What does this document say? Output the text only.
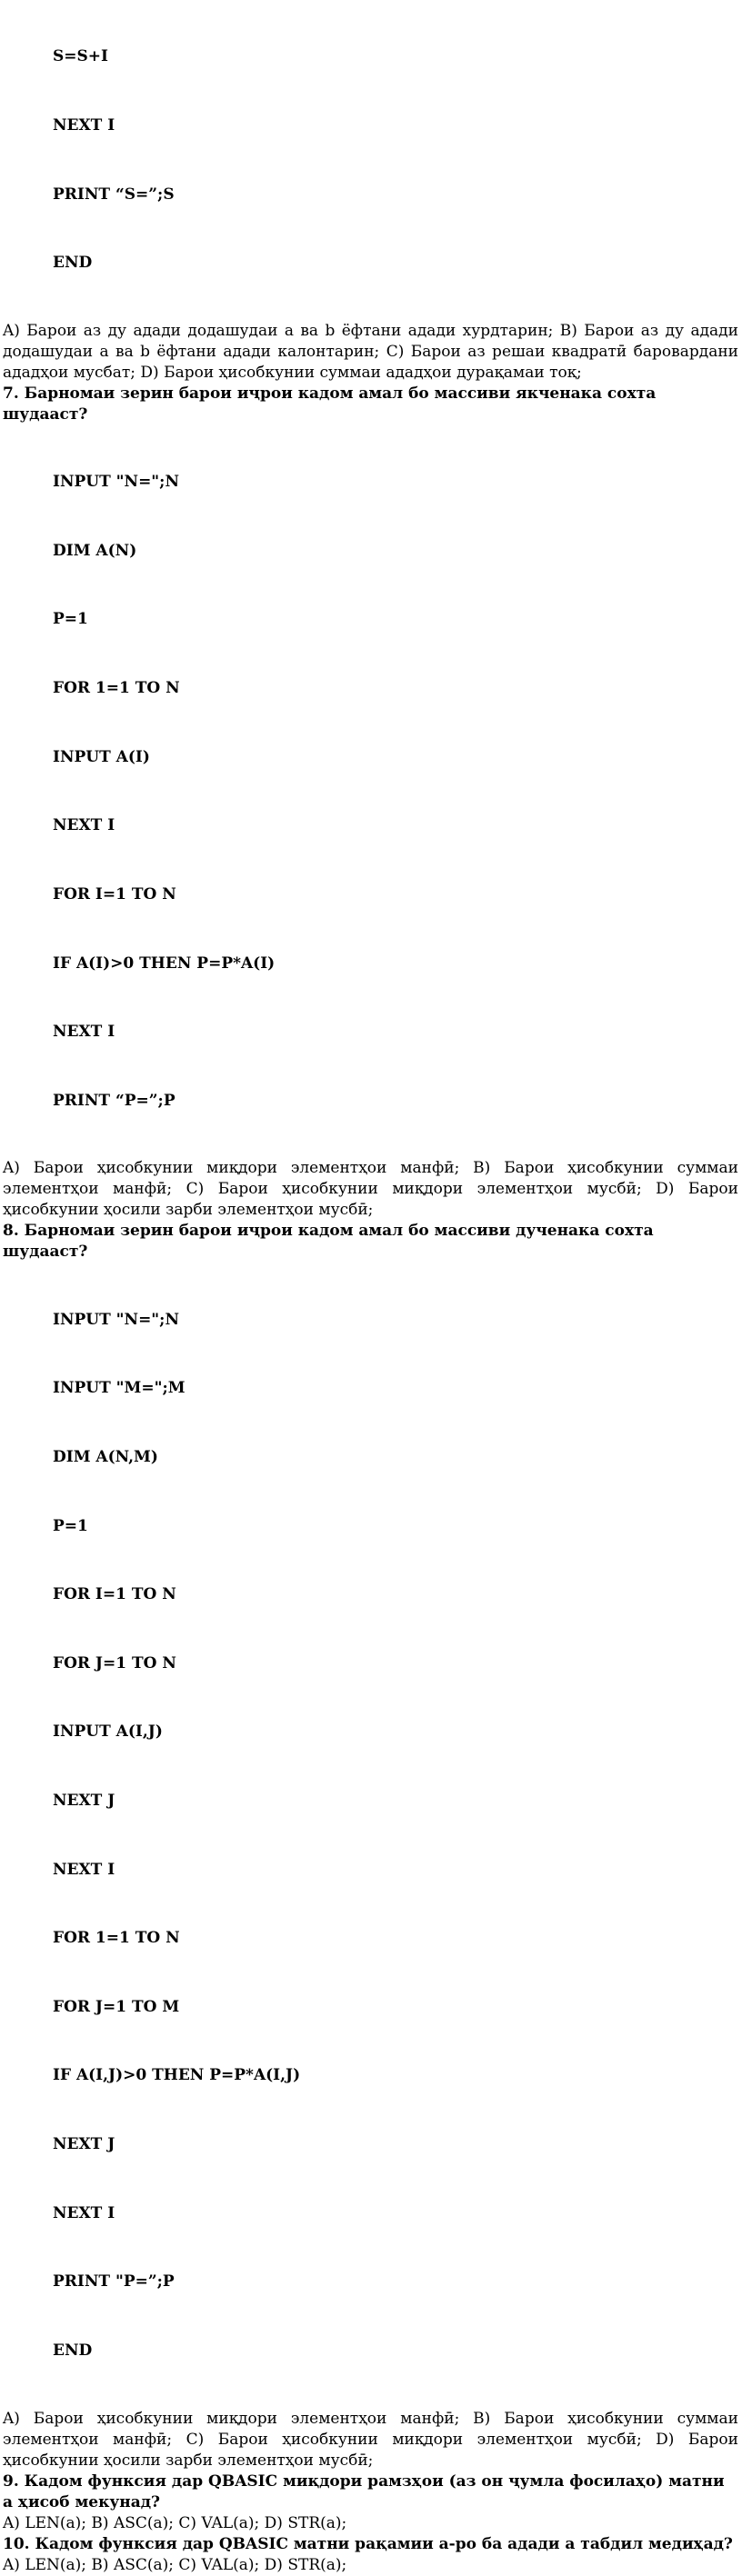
S=S+I

NEXT I

PRINT “S=”;S

END

A) Барои аз ду адади додашудаи a ва b ёфтани адади хурдтарин; B) Барои аз ду адади додашудаи a ва b ёфтани адади калонтарин; C) Барои аз решаи квадратӣ баровардани ададҳои мусбат; D) Барои ҳисобкунии суммаи ададҳои дурақамаи тоқ;
7. Барномаи зерин барои иҷрои кадом амал бо массиви якченака сохта шудааст?

INPUT "N=";N

DIM A(N)

P=1

FOR 1=1 TO N

INPUT A(I)

NEXT I

FOR I=1 TO N

IF A(I)>0 THEN P=P*A(I)

NEXT I

PRINT “P=”;P

A) Барои ҳисобкунии миқдори элементҳои манфӣ; B) Барои ҳисобкунии суммаи элементҳои манфӣ; C) Барои ҳисобкунии миқдори элементҳои мусбӣ; D) Барои ҳисобкунии ҳосили зарби элементҳои мусбӣ;
8. Барномаи зерин барои иҷрои кадом амал бо массиви дученака сохта шудааст?

INPUT "N=";N

INPUT "M=";M

DIM A(N,M)

P=1

FOR I=1 TO N

FOR J=1 TO N

INPUT A(I,J)

NEXT J

NEXT I

FOR 1=1 TO N

FOR J=1 TO M

IF A(I,J)>0 THEN P=P*A(I,J)

NEXT J

NEXT I

PRINT "P=”;P

END

A) Барои ҳисобкунии миқдори элементҳои манфӣ; B) Барои ҳисобкунии суммаи элементҳои манфӣ; C) Барои ҳисобкунии миқдори элементҳои мусбӣ; D) Барои ҳисобкунии ҳосили зарби элементҳои мусбӣ;
9. Кадом функсия дар QBASIC миқдори рамзҳои (аз он ҷумла фосилаҳо) матни a ҳисоб мекунад?
A) LEN(a); B) ASC(a); C) VAL(a); D) STR(a);
10. Кадом функсия дар QBASIC матни рақамии a-ро ба адади a табдил медиҳад?
A) LEN(a); B) ASC(a); C) VAL(a); D) STR(a);
